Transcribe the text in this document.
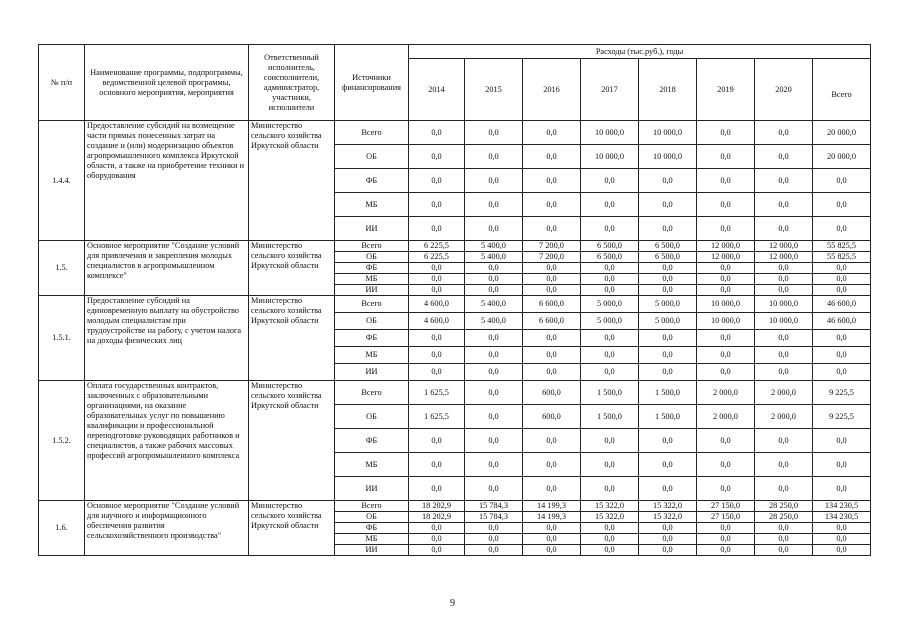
№ п/п	Наименование программы, подпрограммы, ведомственной целевой программы, основного мероприятия, мероприятия	Ответственный исполнитель, соисполнители, администратор, участники, исполнители	Источники финансирования	Расходы (тыс.руб.), годы							
				2014	2015	2016	2017	2018	2019	2020	Всего
1.4.4.	Предоставление субсидий на возмещение части прямых понесенных затрат на создание и (или) модернизацию объектов агропромышленного комплекса Иркутской области, а также на приобретение техники и оборудования	Министерство сельского хозяйства Иркутской области	Всего	0,0	0,0	0,0	10 000,0	10 000,0	0,0	0,0	20 000,0
			ОБ	0,0	0,0	0,0	10 000,0	10 000,0	0,0	0,0	20 000,0
			ФБ	0,0	0,0	0,0	0,0	0,0	0,0	0,0	0,0
			МБ	0,0	0,0	0,0	0,0	0,0	0,0	0,0	0,0
			ИИ	0,0	0,0	0,0	0,0	0,0	0,0	0,0	0,0
1.5.	Основное мероприятие "Создание условий для привлечения и закрепления молодых специалистов в агропромышленном комплексе"	Министерство сельского хозяйства Иркутской области	Всего	6 225,5	5 400,0	7 200,0	6 500,0	6 500,0	12 000,0	12 000,0	55 825,5
			ОБ	6 225,5	5 400,0	7 200,0	6 500,0	6 500,0	12 000,0	12 000,0	55 825,5
			ФБ	0,0	0,0	0,0	0,0	0,0	0,0	0,0	0,0
			МБ	0,0	0,0	0,0	0,0	0,0	0,0	0,0	0,0
			ИИ	0,0	0,0	0,0	0,0	0,0	0,0	0,0	0,0
1.5.1.	Предоставление субсидий на единовременную выплату на обустройство молодым специалистам при трудоустройстве на работу, с учетом налога на доходы физических лиц	Министерство сельского хозяйства Иркутской области	Всего	4 600,0	5 400,0	6 600,0	5 000,0	5 000,0	10 000,0	10 000,0	46 600,0
			ОБ	4 600,0	5 400,0	6 600,0	5 000,0	5 000,0	10 000,0	10 000,0	46 600,0
			ФБ	0,0	0,0	0,0	0,0	0,0	0,0	0,0	0,0
			МБ	0,0	0,0	0,0	0,0	0,0	0,0	0,0	0,0
			ИИ	0,0	0,0	0,0	0,0	0,0	0,0	0,0	0,0
1.5.2.	Оплата государственных контрактов, заключенных с образовательными организациями, на оказание образовательных услуг по повышению квалификации и профессиональной переподготовке руководящих работников и специалистов, а также рабочих массовых профессий агропромышленного комплекса	Министерство сельского хозяйства Иркутской области	Всего	1 625,5	0,0	600,0	1 500,0	1 500,0	2 000,0	2 000,0	9 225,5
			ОБ	1 625,5	0,0	600,0	1 500,0	1 500,0	2 000,0	2 000,0	9 225,5
			ФБ	0,0	0,0	0,0	0,0	0,0	0,0	0,0	0,0
			МБ	0,0	0,0	0,0	0,0	0,0	0,0	0,0	0,0
			ИИ	0,0	0,0	0,0	0,0	0,0	0,0	0,0	0,0
1.6.	Основное мероприятие "Создание условий для научного и информационного обеспечения развития сельскохозяйственного производства"	Министерство сельского хозяйства Иркутской области	Всего	18 202,9	15 784,3	14 199,3	15 322,0	15 322,0	27 150,0	28 250,0	134 230,5
			ОБ	18 202,9	15 784,3	14 199,3	15 322,0	15 322,0	27 150,0	28 250,0	134 230,5
			ФБ	0,0	0,0	0,0	0,0	0,0	0,0	0,0	0,0
			МБ	0,0	0,0	0,0	0,0	0,0	0,0	0,0	0,0
			ИИ	0,0	0,0	0,0	0,0	0,0	0,0	0,0	0,0
9
